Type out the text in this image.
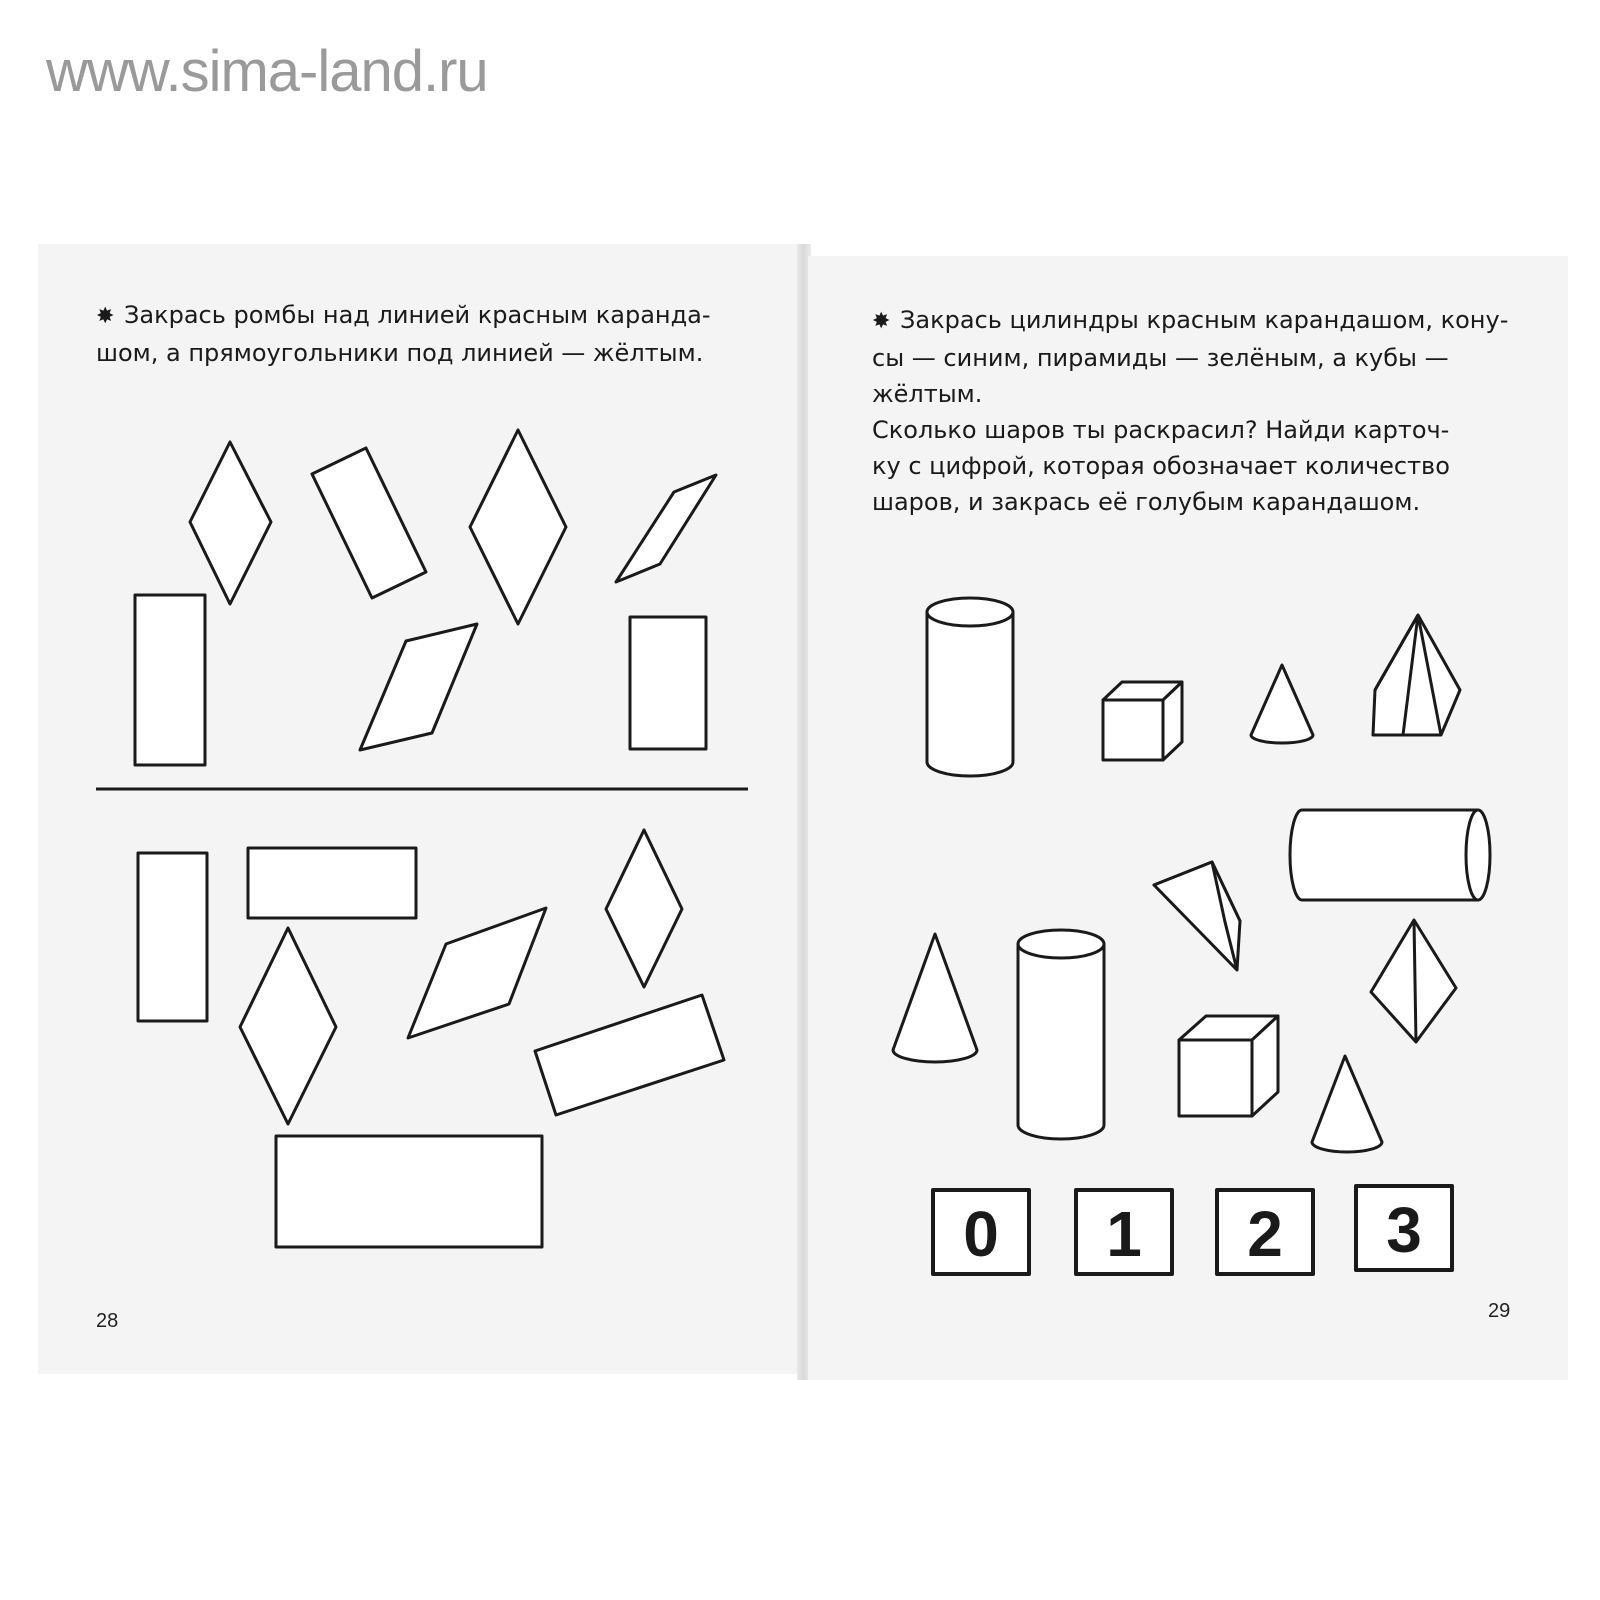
www.sima-land.ru
✸ Закрась ромбы над линией красным каранда-
шом, а прямоугольники под линией — жёлтым.
✸ Закрась цилиндры красным карандашом, кону-
сы — синим, пирамиды — зелёным, а кубы —
жёлтым.
Сколько шаров ты раскрасил? Найди карточ-
ку с цифрой, которая обозначает количество
шаров, и закрась её голубым карандашом.
28	29
0 1 2 3
